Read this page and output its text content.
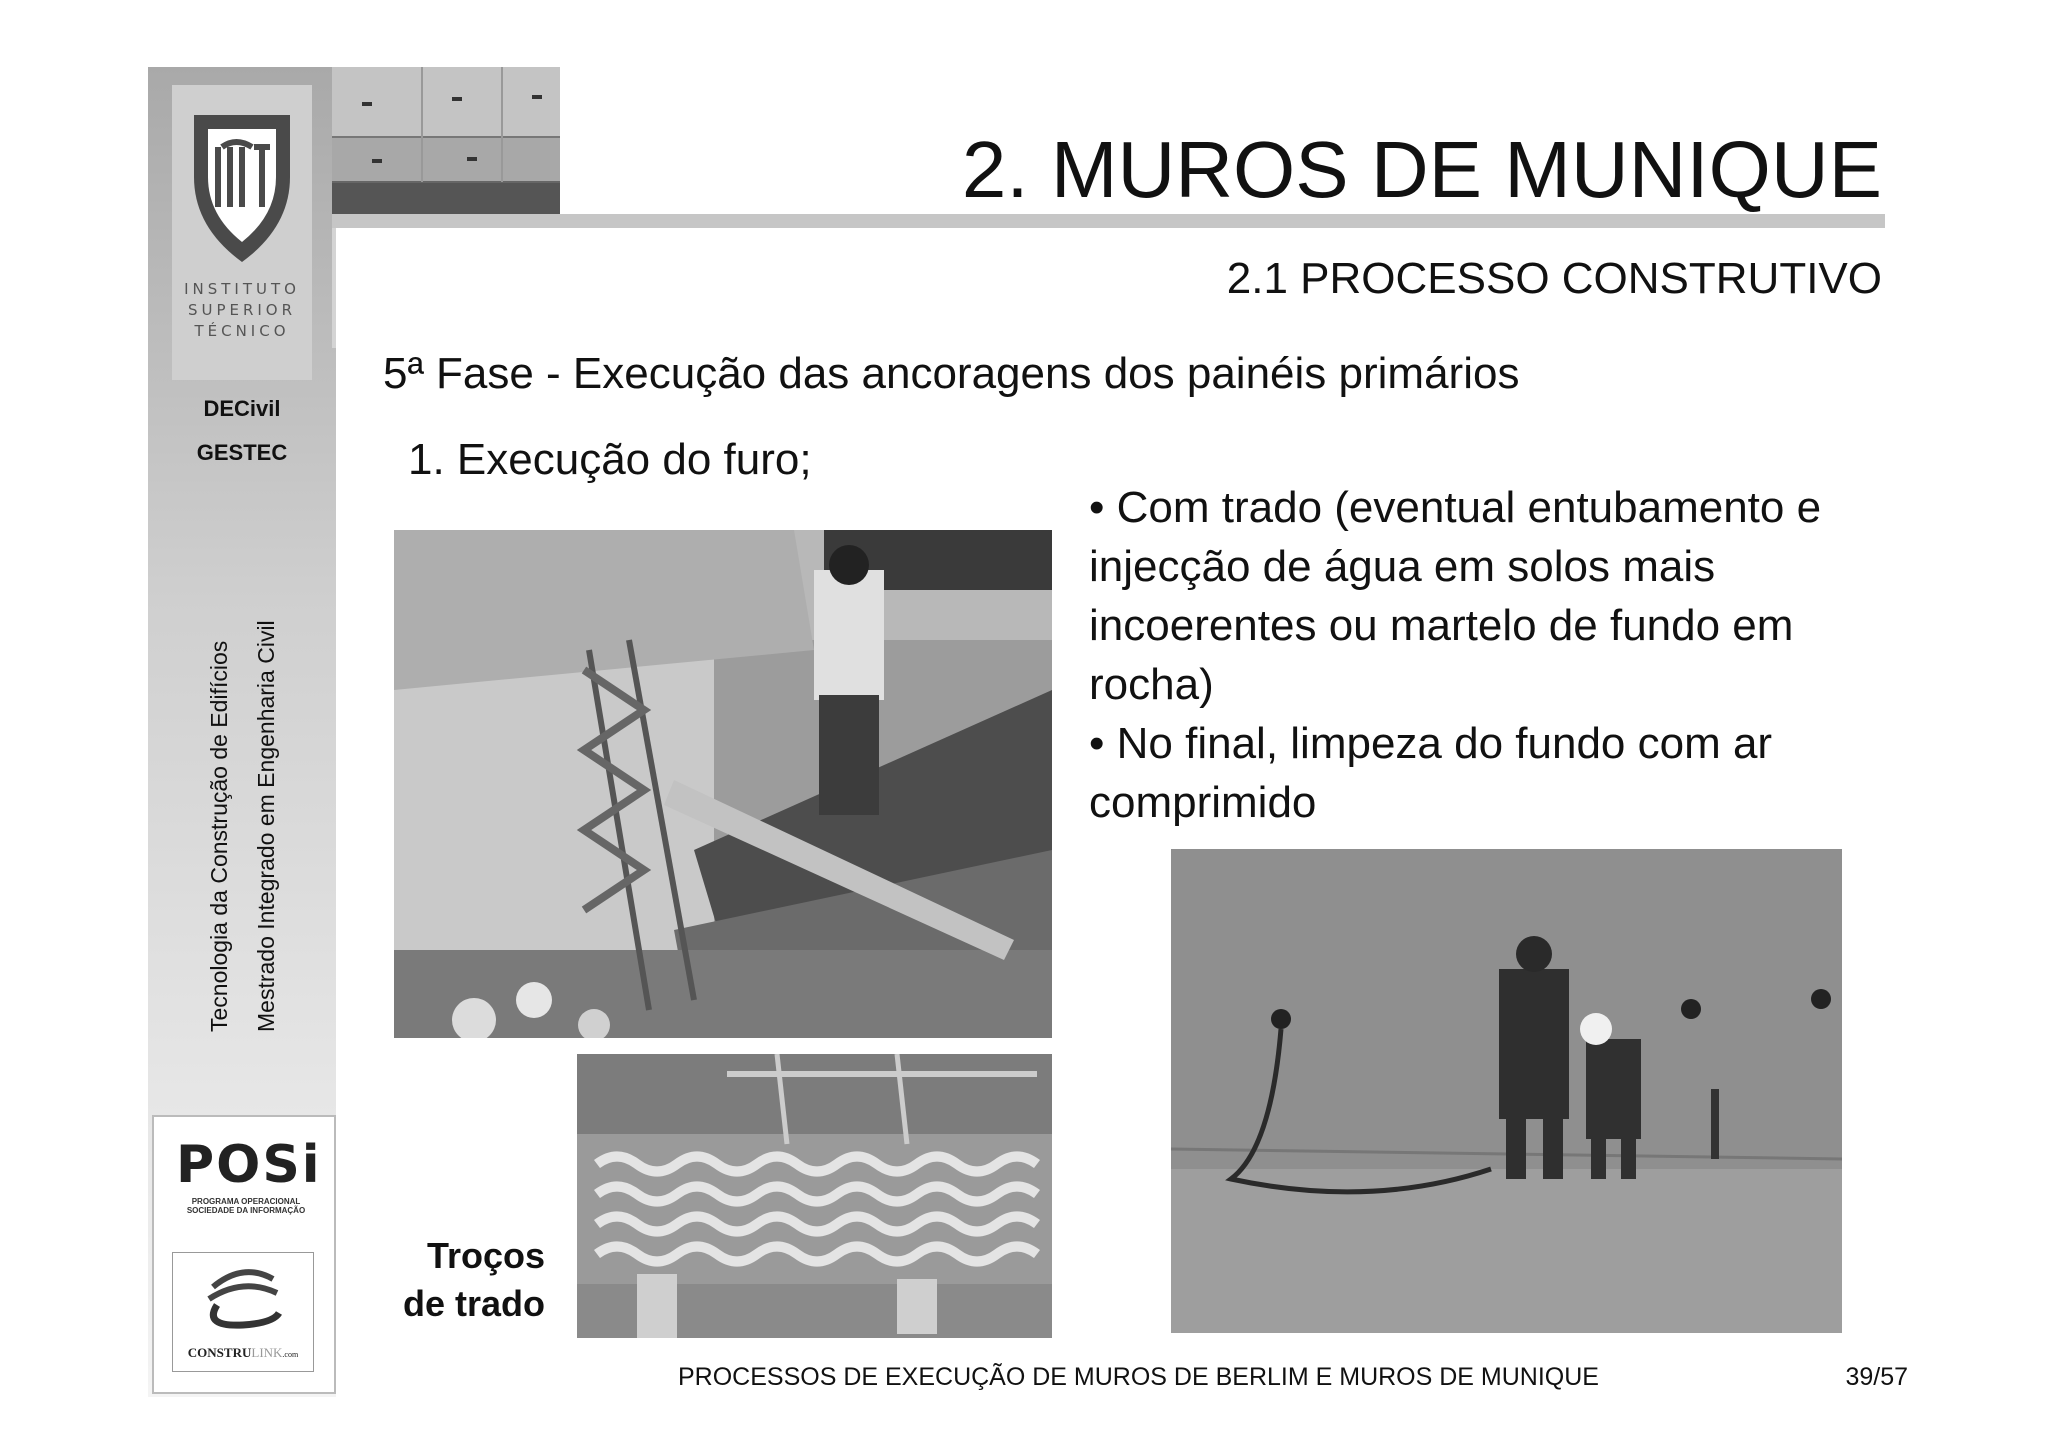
INSTITUTO
SUPERIOR
TÉCNICO
DECivil
GESTEC
Tecnologia da Construção de Edifícios Mestrado Integrado em Engenharia Civil
POSi
PROGRAMA OPERACIONAL
SOCIEDADE DA INFORMAÇÃO
CONSTRULINK.com
2. MUROS DE MUNIQUE
2.1 PROCESSO CONSTRUTIVO
5ª Fase - Execução das ancoragens dos painéis primários
1. Execução do furo;

• Com trado (eventual entubamento e injecção de água em solos mais incoerentes ou martelo de fundo em rocha)

• No final, limpeza do fundo com ar comprimido

Troços
de trado
PROCESSOS DE EXECUÇÃO DE MUROS DE BERLIM E MUROS DE MUNIQUE	39/57
